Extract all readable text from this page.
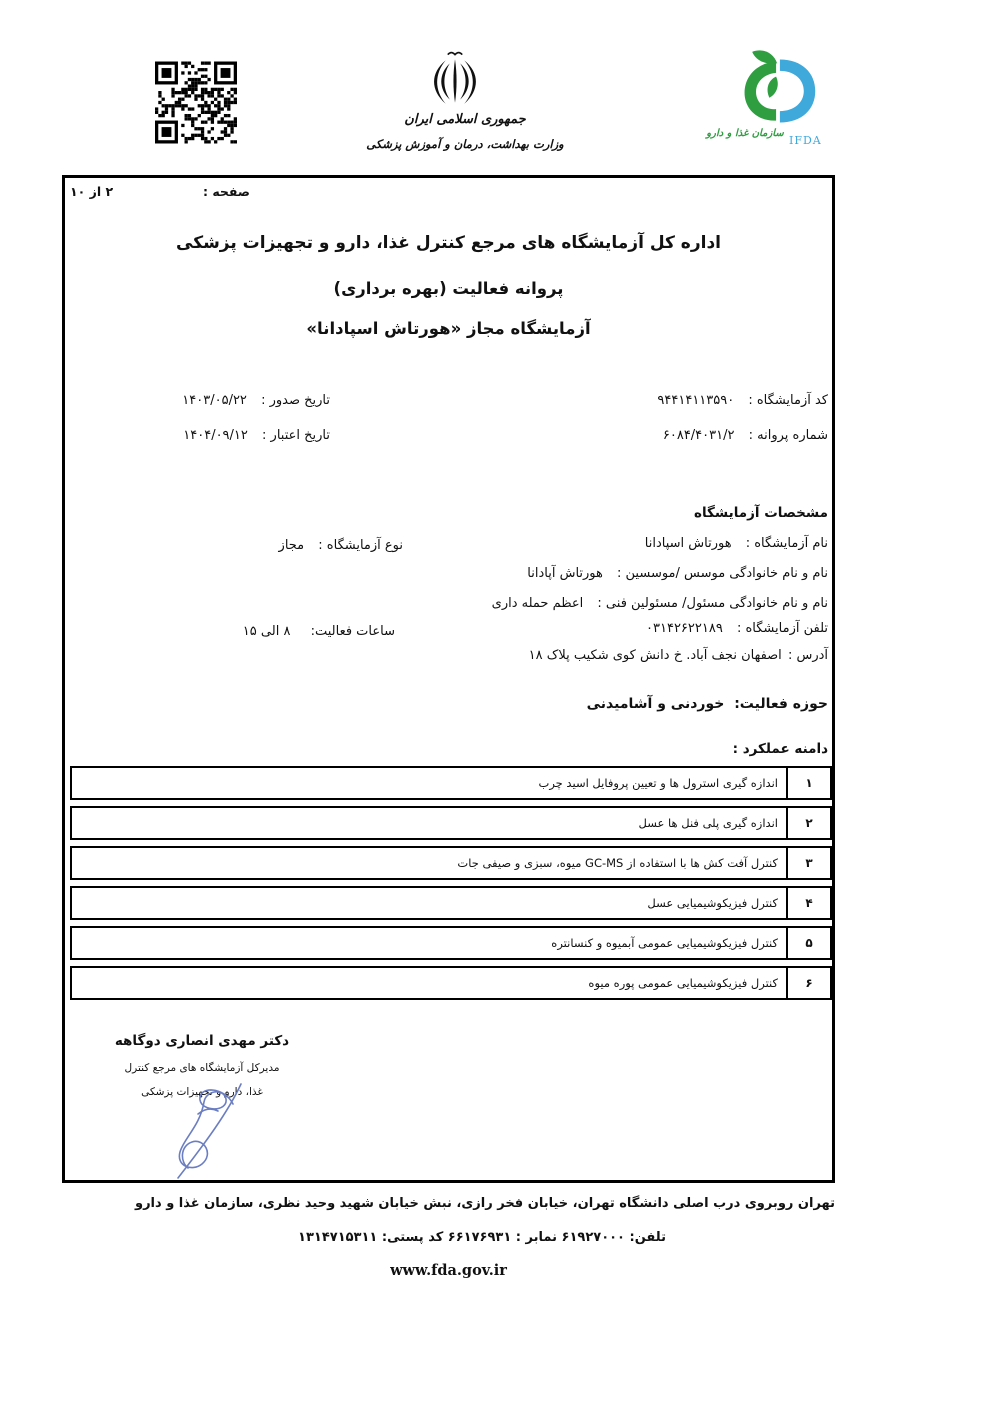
جمهوری اسلامی ایران
وزارت بهداشت، درمان و آموزش پزشکی
سازمان غذا و دارو
IFDA
صفحه :
۲ از ۱۰
اداره کل آزمایشگاه های مرجع کنترل غذا، دارو و تجهیزات پزشکی
پروانه فعالیت (بهره برداری)
آزمایشگاه مجاز «هورتاش اسپادانا»
کد آزمایشگاه : ۹۴۴۱۴۱۱۳۵۹۰
شماره پروانه : ۶۰۸۴/۴۰۳۱/۲
تاریخ صدور : ۱۴۰۳/۰۵/۲۲
تاریخ اعتبار : ۱۴۰۴/۰۹/۱۲
مشخصات آزمایشگاه
نام آزمایشگاه : هورتاش اسپادانا
نوع آزمایشگاه : مجاز
نام و نام خانوادگی موسس /موسسین : هورتاش آپادانا
نام و نام خانوادگی مسئول/ مسئولین فنی : اعظم حمله داری
تلفن آزمایشگاه : ۰۳۱۴۲۶۲۲۱۸۹
ساعات فعالیت: ۸ الی ۱۵
آدرس : اصفهان نجف آباد. خ دانش کوی شکیب پلاک ۱۸
حوزه فعالیت: خوردنی و آشامیدنی
دامنه عملکرد :
۱
اندازه گیری استرول ها و تعیین پروفایل اسید چرب
۲
اندازه گیری پلی فنل ها عسل
۳
کنترل آفت کش ها با استفاده از GC-MS میوه، سبزی و صیفی جات
۴
کنترل فیزیکوشیمیایی عسل
۵
کنترل فیزیکوشیمیایی عمومی آبمیوه و کنسانتره
۶
کنترل فیزیکوشیمیایی عمومی پوره میوه
دکتر مهدی انصاری دوگاهه
مدیرکل آزمایشگاه های مرجع کنترل
غذا، دارو و تجهیزات پزشکی
تهران روبروی درب اصلی دانشگاه تهران، خیابان فخر رازی، نبش خیابان شهید وحید نظری، سازمان غذا و دارو
تلفن: ۶۱۹۲۷۰۰۰ نمابر : ۶۶۱۷۶۹۳۱ کد پستی: ۱۳۱۴۷۱۵۳۱۱
www.fda.gov.ir
